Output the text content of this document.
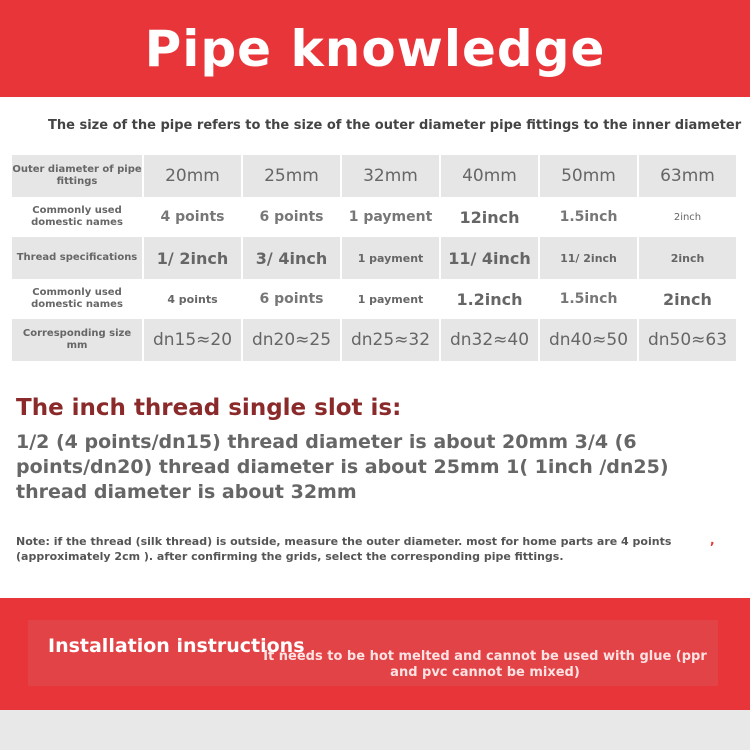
Pipe knowledge
The size of the pipe refers to the size of the outer diameter pipe fittings to the inner diameter
Outer diameter of pipe fittings	20mm	25mm	32mm	40mm	50mm	63mm
Commonly used domestic names	4 points	6 points	1 payment	12inch	1.5inch	2inch
Thread specifications	1/ 2inch	3/ 4inch	1 payment	11/ 4inch	11/ 2inch	2inch
Commonly used domestic names	4 points	6 points	1 payment	1.2inch	1.5inch	2inch
Corresponding size mm	dn15≈20	dn20≈25	dn25≈32	dn32≈40	dn40≈50	dn50≈63
The inch thread single slot is:
1/2 (4 points/dn15) thread diameter is about 20mm 3/4 (6 points/dn20) thread diameter is about 25mm 1( 1inch /dn25) thread diameter is about 32mm
Note: if the thread (silk thread) is outside, measure the outer diameter. most for home parts are 4 points (approximately 2cm ). after confirming the grids, select the corresponding pipe fittings.
,
Installation instructions
It needs to be hot melted and cannot be used with glue (ppr and pvc cannot be mixed)
